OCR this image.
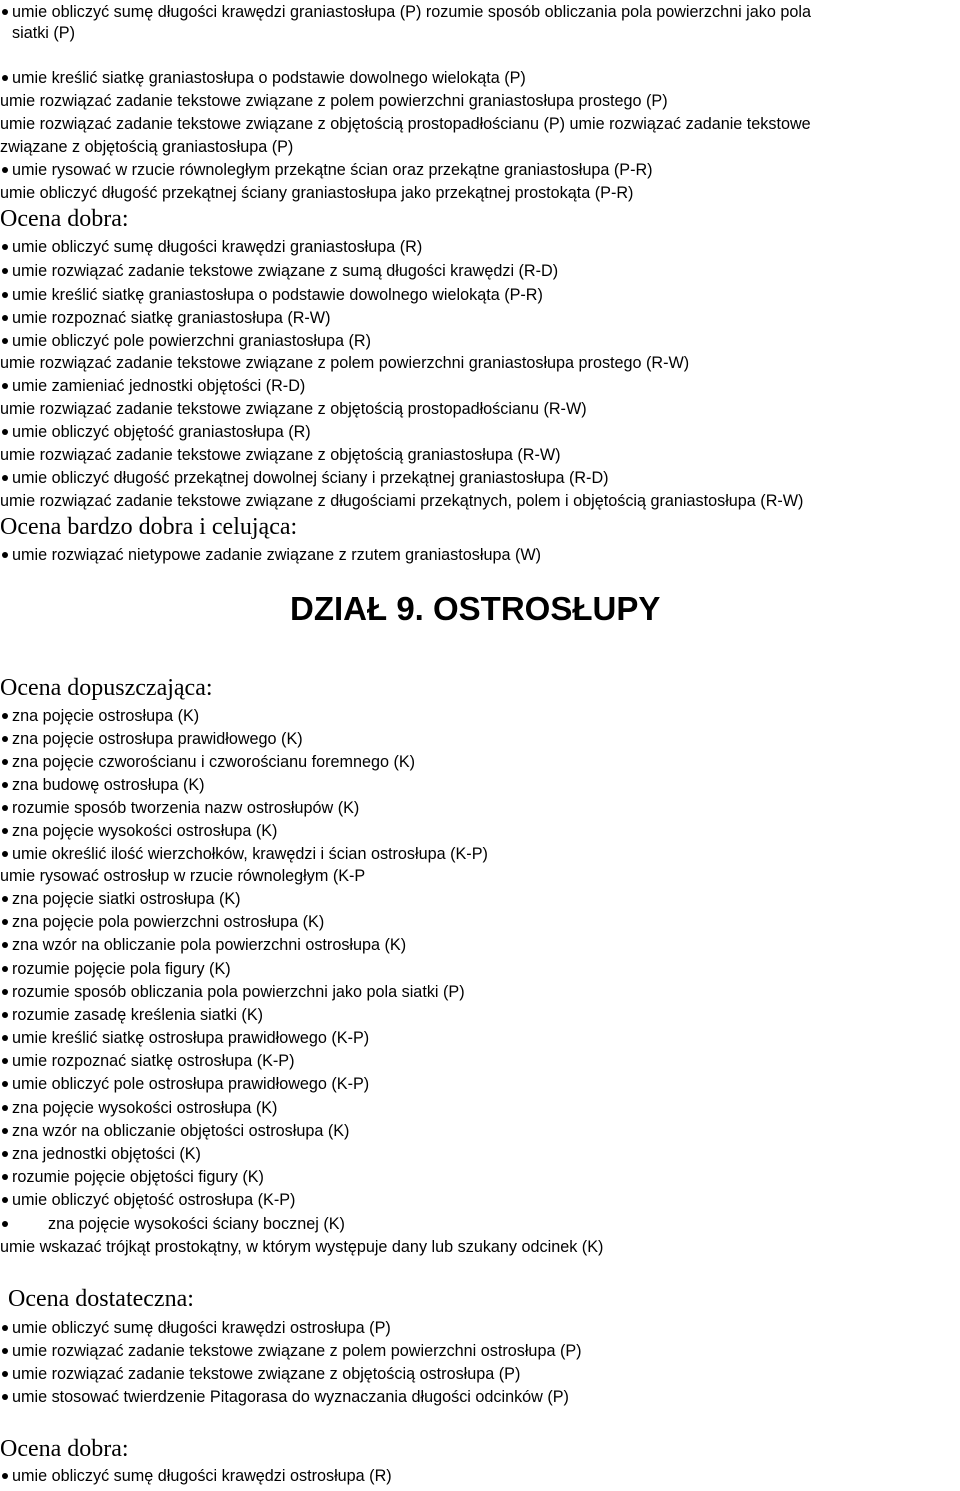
umie obliczyć sumę długości krawędzi graniastosłupa (P) rozumie sposób obliczania pola powierzchni jako pola
siatki (P)
umie kreślić siatkę graniastosłupa o podstawie dowolnego wielokąta (P)
umie rozwiązać zadanie tekstowe związane z polem powierzchni graniastosłupa prostego (P)
umie rozwiązać zadanie tekstowe związane z objętością prostopadłościanu (P) umie rozwiązać zadanie tekstowe
związane z objętością graniastosłupa (P)
umie rysować w rzucie równoległym przekątne ścian oraz przekątne graniastosłupa (P-R)
umie obliczyć długość przekątnej ściany graniastosłupa jako przekątnej prostokąta (P-R)
Ocena dobra:
umie obliczyć sumę długości krawędzi graniastosłupa (R)
umie rozwiązać zadanie tekstowe związane z sumą długości krawędzi (R-D)
umie kreślić siatkę graniastosłupa o podstawie dowolnego wielokąta (P-R)
umie rozpoznać siatkę graniastosłupa (R-W)
umie obliczyć pole powierzchni graniastosłupa (R)
umie rozwiązać zadanie tekstowe związane z polem powierzchni graniastosłupa prostego (R-W)
umie zamieniać jednostki objętości (R-D)
umie rozwiązać zadanie tekstowe związane z objętością prostopadłościanu (R-W)
umie obliczyć objętość graniastosłupa (R)
umie rozwiązać zadanie tekstowe związane z objętością graniastosłupa (R-W)
umie obliczyć długość przekątnej dowolnej ściany i przekątnej graniastosłupa (R-D)
umie rozwiązać zadanie tekstowe związane z długościami przekątnych, polem i objętością graniastosłupa (R-W)
Ocena bardzo dobra i celująca:
umie rozwiązać nietypowe zadanie związane z rzutem graniastosłupa (W)
DZIAŁ 9. OSTROSŁUPY
Ocena dopuszczająca:
zna pojęcie ostrosłupa (K)
zna pojęcie ostrosłupa prawidłowego (K)
zna pojęcie czworościanu i czworościanu foremnego (K)
zna budowę ostrosłupa (K)
rozumie sposób tworzenia nazw ostrosłupów (K)
zna pojęcie wysokości ostrosłupa (K)
umie określić ilość wierzchołków, krawędzi i ścian ostrosłupa (K-P)
umie rysować ostrosłup w rzucie równoległym (K-P
zna pojęcie siatki ostrosłupa (K)
zna pojęcie pola powierzchni ostrosłupa (K)
zna wzór na obliczanie pola powierzchni ostrosłupa (K)
rozumie pojęcie pola figury (K)
rozumie sposób obliczania pola powierzchni jako pola siatki (P)
rozumie zasadę kreślenia siatki (K)
umie kreślić siatkę ostrosłupa prawidłowego (K-P)
umie rozpoznać siatkę ostrosłupa (K-P)
umie obliczyć pole ostrosłupa prawidłowego (K-P)
zna pojęcie wysokości ostrosłupa (K)
zna wzór na obliczanie objętości ostrosłupa (K)
zna jednostki objętości (K)
rozumie pojęcie objętości figury (K)
umie obliczyć objętość ostrosłupa (K-P)
zna pojęcie wysokości ściany bocznej (K)
umie wskazać trójkąt prostokątny, w którym występuje dany lub szukany odcinek (K)
Ocena dostateczna:
umie obliczyć sumę długości krawędzi ostrosłupa (P)
umie rozwiązać zadanie tekstowe związane z polem powierzchni ostrosłupa (P)
umie rozwiązać zadanie tekstowe związane z objętością ostrosłupa (P)
umie stosować twierdzenie Pitagorasa do wyznaczania długości odcinków (P)
Ocena dobra:
umie obliczyć sumę długości krawędzi ostrosłupa (R)
